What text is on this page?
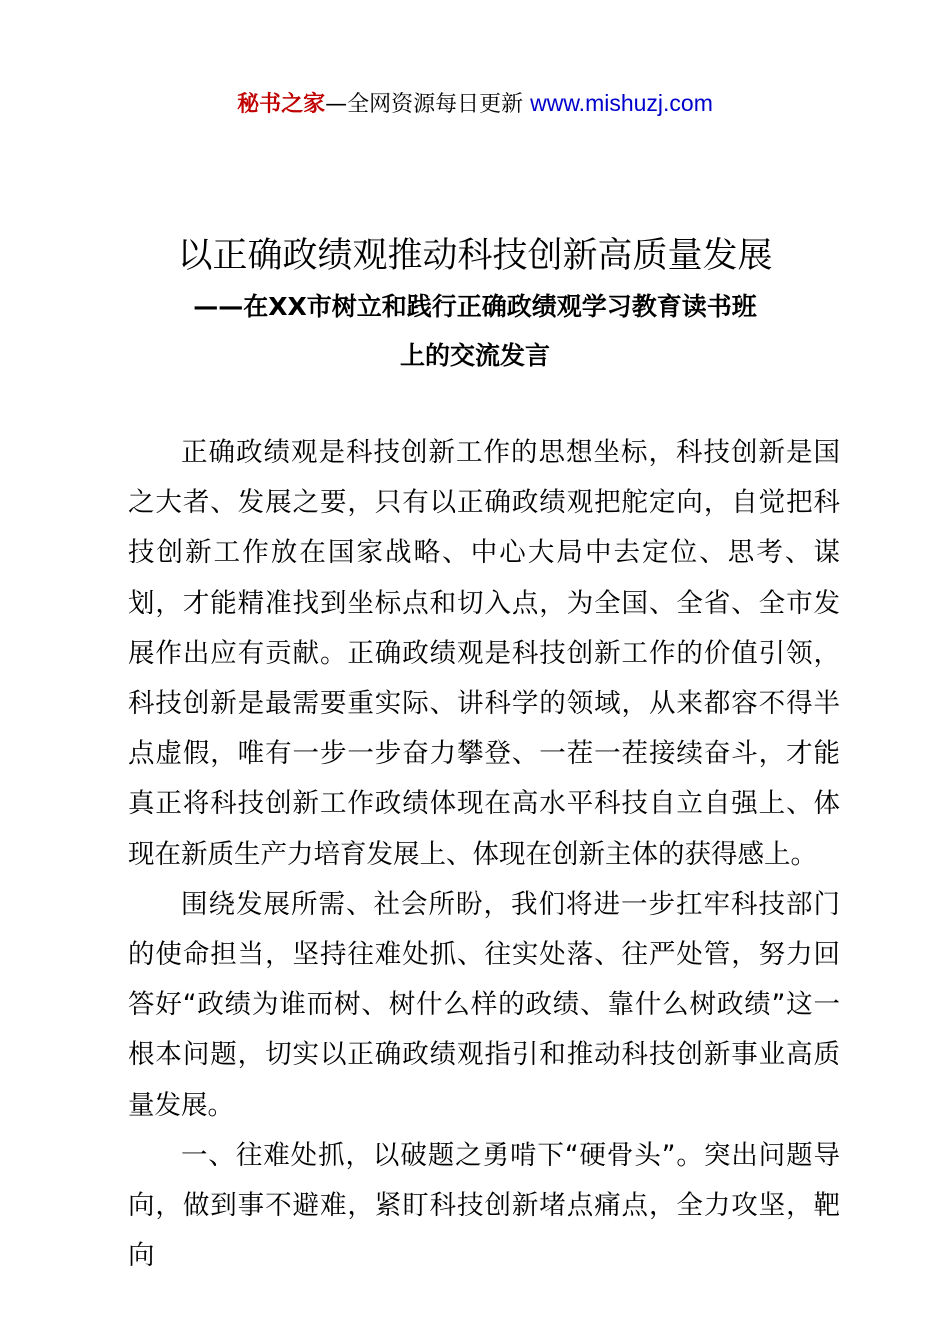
秘书之家—全网资源每日更新 www.mishuzj.com
以正确政绩观推动科技创新高质量发展
——在XX市树立和践行正确政绩观学习教育读书班
上的交流发言

正确政绩观是科技创新工作的思想坐标，科技创新是国之大者、发展之要，只有以正确政绩观把舵定向，自觉把科技创新工作放在国家战略、中心大局中去定位、思考、谋划，才能精准找到坐标点和切入点，为全国、全省、全市发展作出应有贡献。正确政绩观是科技创新工作的价值引领，科技创新是最需要重实际、讲科学的领域，从来都容不得半点虚假，唯有一步一步奋力攀登、一茬一茬接续奋斗，才能真正将科技创新工作政绩体现在高水平科技自立自强上、体现在新质生产力培育发展上、体现在创新主体的获得感上。

围绕发展所需、社会所盼，我们将进一步扛牢科技部门的使命担当，坚持往难处抓、往实处落、往严处管，努力回答好“政绩为谁而树、树什么样的政绩、靠什么树政绩”这一根本问题，切实以正确政绩观指引和推动科技创新事业高质量发展。

一、往难处抓，以破题之勇啃下“硬骨头”。突出问题导向，做到事不避难，紧盯科技创新堵点痛点，全力攻坚，靶向
